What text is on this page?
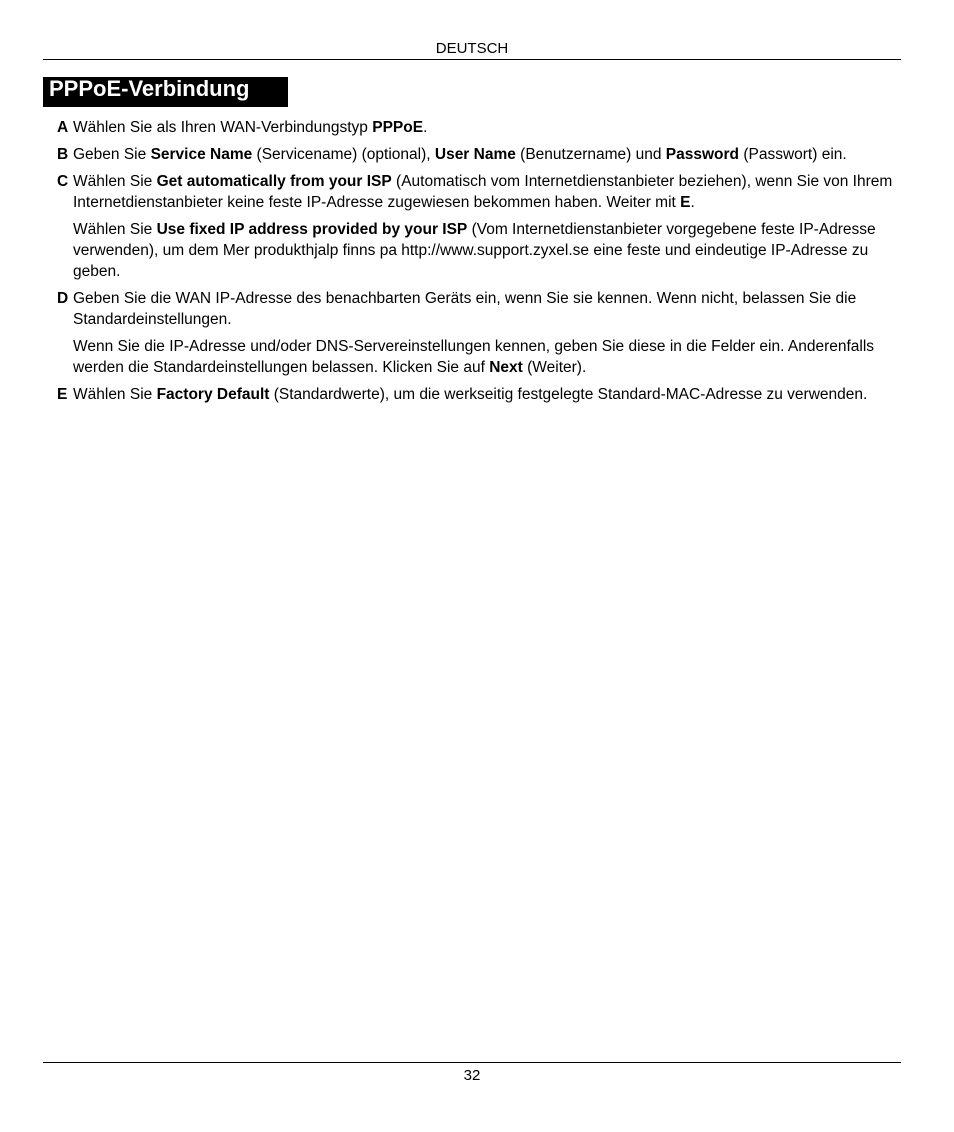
DEUTSCH
PPPoE-Verbindung
A Wählen Sie als Ihren WAN-Verbindungstyp PPPoE.

B Geben Sie Service Name (Servicename) (optional), User Name (Benutzername) und Password (Passwort) ein.

C Wählen Sie Get automatically from your ISP (Automatisch vom Internetdienstanbieter beziehen), wenn Sie von Ihrem Internetdienstanbieter keine feste IP-Adresse zugewiesen bekommen haben. Weiter mit E.

Wählen Sie Use fixed IP address provided by your ISP (Vom Internetdienstanbieter vorgegebene feste IP-Adresse verwenden), um dem Mer produkthjalp finns pa http://www.support.zyxel.se eine feste und eindeutige IP-Adresse zu geben.

D Geben Sie die WAN IP-Adresse des benachbarten Geräts ein, wenn Sie sie kennen. Wenn nicht, belassen Sie die Standardeinstellungen.

Wenn Sie die IP-Adresse und/oder DNS-Servereinstellungen kennen, geben Sie diese in die Felder ein. Anderenfalls werden die Standardeinstellungen belassen. Klicken Sie auf Next (Weiter).

E Wählen Sie Factory Default (Standardwerte), um die werkseitig festgelegte Standard-MAC-Adresse zu verwenden.

32
